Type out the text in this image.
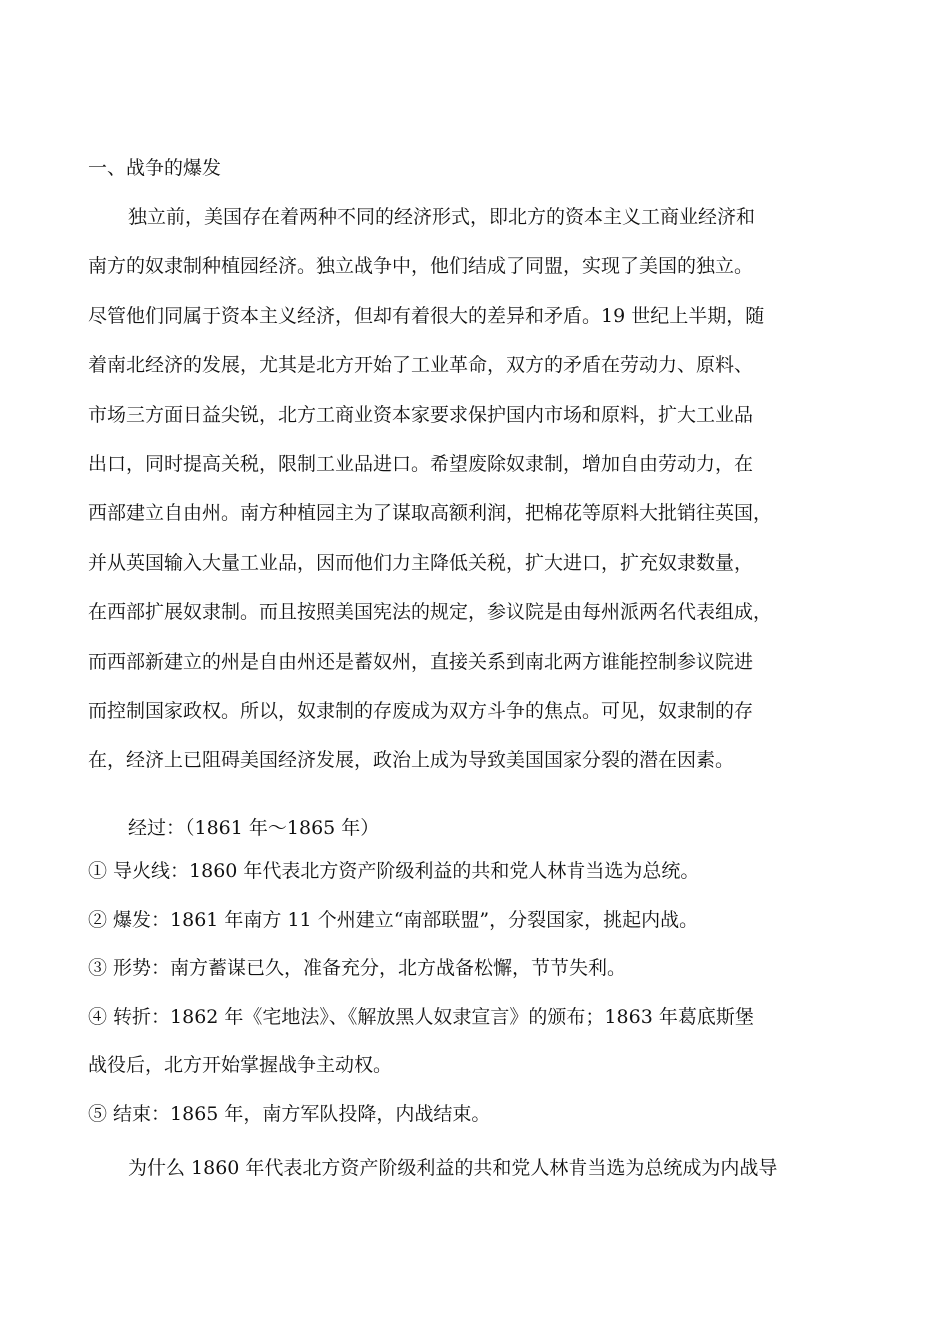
一、战争的爆发
独立前，美国存在着两种不同的经济形式，即北方的资本主义工商业经济和
南方的奴隶制种植园经济。独立战争中，他们结成了同盟，实现了美国的独立。
尽管他们同属于资本主义经济，但却有着很大的差异和矛盾。19 世纪上半期，随
着南北经济的发展，尤其是北方开始了工业革命，双方的矛盾在劳动力、原料、
市场三方面日益尖锐，北方工商业资本家要求保护国内市场和原料，扩大工业品
出口，同时提高关税，限制工业品进口。希望废除奴隶制，增加自由劳动力，在
西部建立自由州。南方种植园主为了谋取高额利润，把棉花等原料大批销往英国，
并从英国输入大量工业品，因而他们力主降低关税，扩大进口，扩充奴隶数量，
在西部扩展奴隶制。而且按照美国宪法的规定，参议院是由每州派两名代表组成，
而西部新建立的州是自由州还是蓄奴州，直接关系到南北两方谁能控制参议院进
而控制国家政权。所以，奴隶制的存废成为双方斗争的焦点。可见，奴隶制的存
在，经济上已阻碍美国经济发展，政治上成为导致美国国家分裂的潜在因素。
经过：（1861 年～1865 年）
① 导火线：1860 年代表北方资产阶级利益的共和党人林肯当选为总统。
② 爆发：1861 年南方 11 个州建立“南部联盟”，分裂国家，挑起内战。
③ 形势：南方蓄谋已久，准备充分，北方战备松懈，节节失利。
④ 转折：1862 年《宅地法》、《解放黑人奴隶宣言》的颁布；1863 年葛底斯堡
战役后，北方开始掌握战争主动权。
⑤ 结束：1865 年，南方军队投降，内战结束。
为什么 1860 年代表北方资产阶级利益的共和党人林肯当选为总统成为内战导
